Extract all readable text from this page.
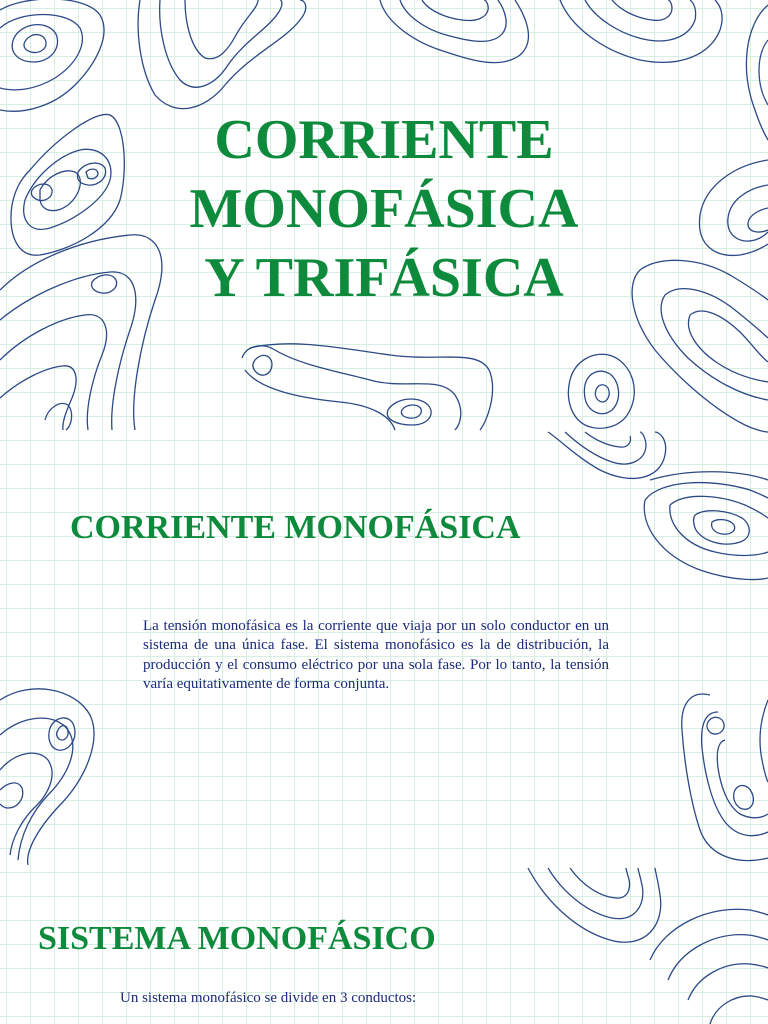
CORRIENTE
MONOFÁSICA
Y TRIFÁSICA
CORRIENTE MONOFÁSICA

La tensión monofásica es la corriente que viaja por un solo conductor en un sistema de una única fase. El sistema monofásico es la de distribución, la producción y el consumo eléctrico por una sola fase. Por lo tanto, la tensión varía equitativamente de forma conjunta.

SISTEMA MONOFÁSICO

Un sistema monofásico se divide en 3 conductos:
